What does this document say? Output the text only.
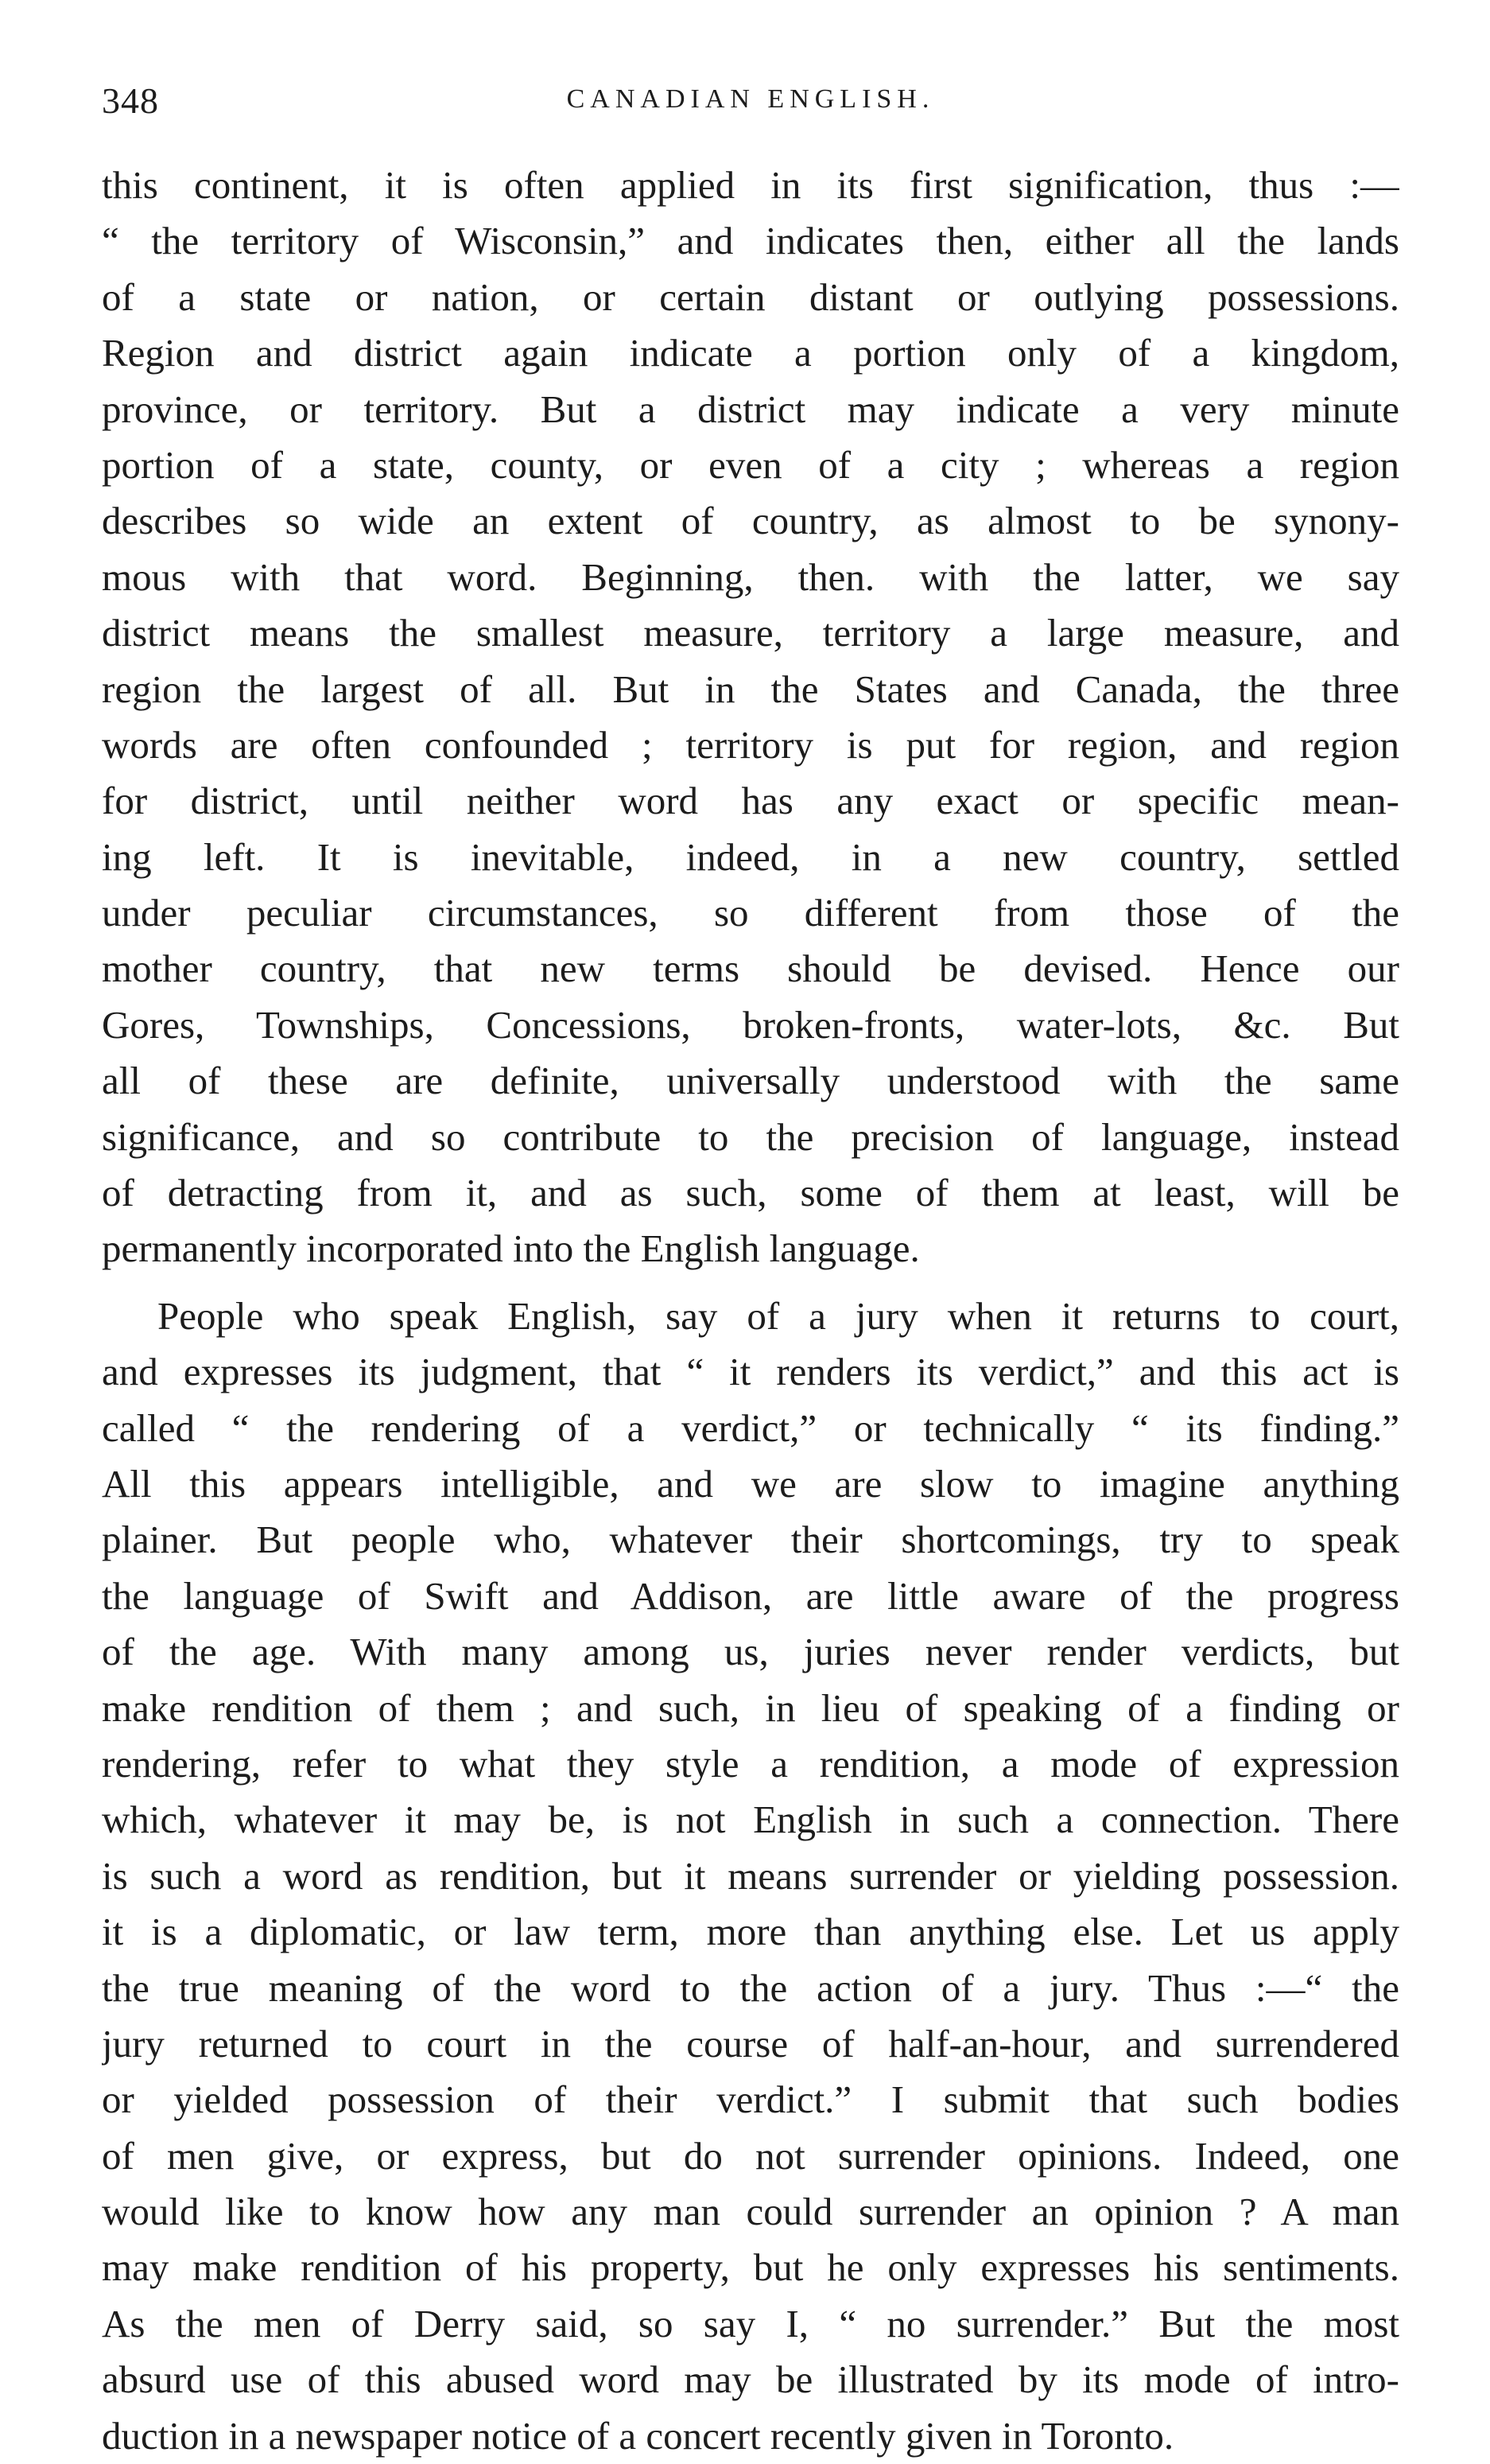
348	CANADIAN ENGLISH.
this continent, it is often applied in its first signification, thus :—
“ the territory of Wisconsin,” and indicates then, either all the lands
of a state or nation, or certain distant or outlying possessions.
Region and district again indicate a portion only of a kingdom,
province, or territory. But a district may indicate a very minute
portion of a state, county, or even of a city ; whereas a region
describes so wide an extent of country, as almost to be synony-
mous with that word. Beginning, then. with the latter, we say
district means the smallest measure, territory a large measure, and
region the largest of all. But in the States and Canada, the three
words are often confounded ; territory is put for region, and region
for district, until neither word has any exact or specific mean-
ing left. It is inevitable, indeed, in a new country, settled
under peculiar circumstances, so different from those of the
mother country, that new terms should be devised. Hence our
Gores, Townships, Concessions, broken-fronts, water-lots, &c. But
all of these are definite, universally understood with the same
significance, and so contribute to the precision of language, instead
of detracting from it, and as such, some of them at least, will be
permanently incorporated into the English language.
People who speak English, say of a jury when it returns to court,
and expresses its judgment, that “ it renders its verdict,” and this act is
called “ the rendering of a verdict,” or technically “ its finding.”
All this appears intelligible, and we are slow to imagine anything
plainer. But people who, whatever their shortcomings, try to speak
the language of Swift and Addison, are little aware of the progress
of the age. With many among us, juries never render verdicts, but
make rendition of them ; and such, in lieu of speaking of a finding or
rendering, refer to what they style a rendition, a mode of expression
which, whatever it may be, is not English in such a connection. There
is such a word as rendition, but it means surrender or yielding possession.
it is a diplomatic, or law term, more than anything else. Let us apply
the true meaning of the word to the action of a jury. Thus :—“ the
jury returned to court in the course of half-an-hour, and surrendered
or yielded possession of their verdict.” I submit that such bodies
of men give, or express, but do not surrender opinions. Indeed, one
would like to know how any man could surrender an opinion ? A man
may make rendition of his property, but he only expresses his sentiments.
As the men of Derry said, so say I, “ no surrender.” But the most
absurd use of this abused word may be illustrated by its mode of intro-
duction in a newspaper notice of a concert recently given in Toronto.
